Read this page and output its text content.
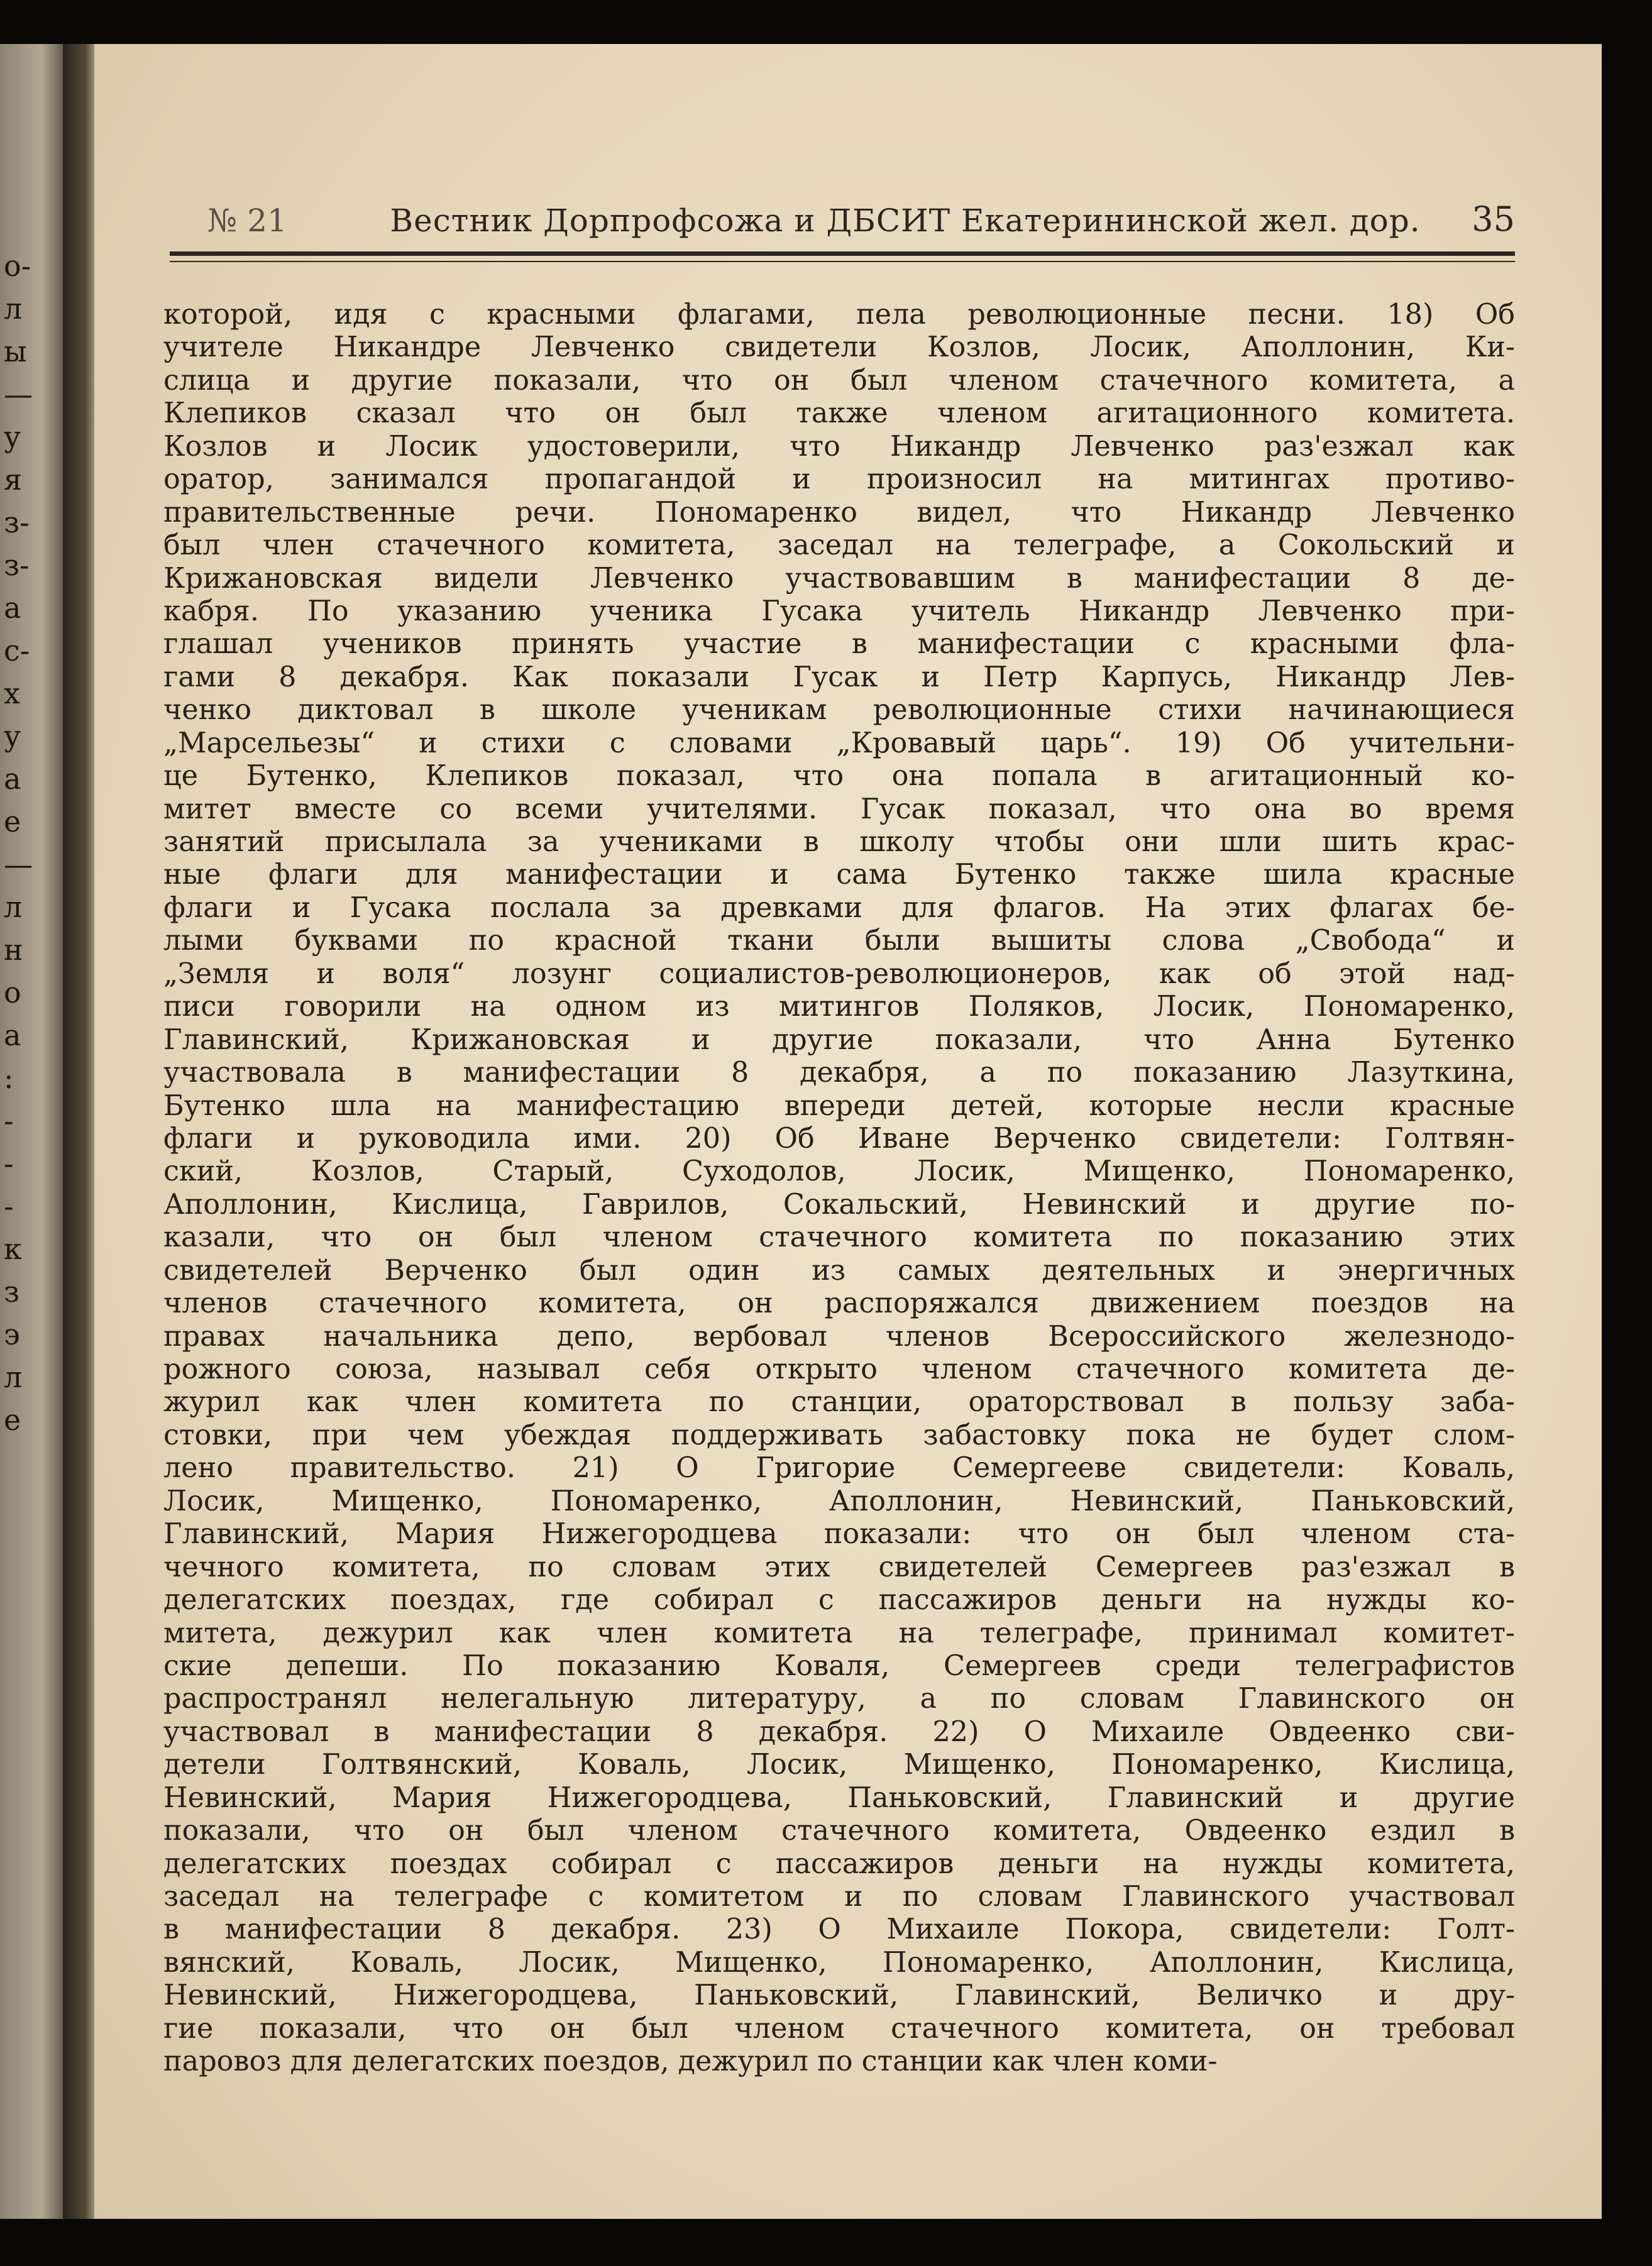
о-
л
ы
—
у
я
з-
з-
а
с-
х
у
а
е
—
л
н
о
а
:
-
-
-
к
з
э
л
е
№ 21	Вестник Дорпрофсожа и ДБСИТ Екатерининской жел. дор.	35
которой, идя с красными флагами, пела революционные песни. 18) Об
учителе Никандре Левченко свидетели Козлов, Лосик, Аполлонин, Ки-
слица и другие показали, что он был членом стачечного комитета, а
Клепиков сказал что он был также членом агитационного комитета.
Козлов и Лосик удостоверили, что Никандр Левченко раз'езжал как
оратор, занимался пропагандой и произносил на митингах противо-
правительственные речи. Пономаренко видел, что Никандр Левченко
был член стачечного комитета, заседал на телеграфе, а Сокольский и
Крижановская видели Левченко участвовавшим в манифестации 8 де-
кабря. По указанию ученика Гусака учитель Никандр Левченко при-
глашал учеников принять участие в манифестации с красными фла-
гами 8 декабря. Как показали Гусак и Петр Карпусь, Никандр Лев-
ченко диктовал в школе ученикам революционные стихи начинающиеся
„Марсельезы“ и стихи с словами „Кровавый царь“. 19) Об учительни-
це Бутенко, Клепиков показал, что она попала в агитационный ко-
митет вместе со всеми учителями. Гусак показал, что она во время
занятий присылала за учениками в школу чтобы они шли шить крас-
ные флаги для манифестации и сама Бутенко также шила красные
флаги и Гусака послала за древками для флагов. На этих флагах бе-
лыми буквами по красной ткани были вышиты слова „Свобода“ и
„Земля и воля“ лозунг социалистов-революционеров, как об этой над-
писи говорили на одном из митингов Поляков, Лосик, Пономаренко,
Главинский, Крижановская и другие показали, что Анна Бутенко
участвовала в манифестации 8 декабря, а по показанию Лазуткина,
Бутенко шла на манифестацию впереди детей, которые несли красные
флаги и руководила ими. 20) Об Иване Верченко свидетели: Голтвян-
ский, Козлов, Старый, Суходолов, Лосик, Мищенко, Пономаренко,
Аполлонин, Кислица, Гаврилов, Сокальский, Невинский и другие по-
казали, что он был членом стачечного комитета по показанию этих
свидетелей Верченко был один из самых деятельных и энергичных
членов стачечного комитета, он распоряжался движением поездов на
правах начальника депо, вербовал членов Всероссийского железнодо-
рожного союза, называл себя открыто членом стачечного комитета де-
журил как член комитета по станции, ораторствовал в пользу заба-
стовки, при чем убеждая поддерживать забастовку пока не будет слом-
лено правительство. 21) О Григорие Семергееве свидетели: Коваль,
Лосик, Мищенко, Пономаренко, Аполлонин, Невинский, Паньковский,
Главинский, Мария Нижегородцева показали: что он был членом ста-
чечного комитета, по словам этих свидетелей Семергеев раз'езжал в
делегатских поездах, где собирал с пассажиров деньги на нужды ко-
митета, дежурил как член комитета на телеграфе, принимал комитет-
ские депеши. По показанию Коваля, Семергеев среди телеграфистов
распространял нелегальную литературу, а по словам Главинского он
участвовал в манифестации 8 декабря. 22) О Михаиле Овдеенко сви-
детели Голтвянский, Коваль, Лосик, Мищенко, Пономаренко, Кислица,
Невинский, Мария Нижегородцева, Паньковский, Главинский и другие
показали, что он был членом стачечного комитета, Овдеенко ездил в
делегатских поездах собирал с пассажиров деньги на нужды комитета,
заседал на телеграфе с комитетом и по словам Главинского участвовал
в манифестации 8 декабря. 23) О Михаиле Покора, свидетели: Голт-
вянский, Коваль, Лосик, Мищенко, Пономаренко, Аполлонин, Кислица,
Невинский, Нижегородцева, Паньковский, Главинский, Величко и дру-
гие показали, что он был членом стачечного комитета, он требовал
паровоз для делегатских поездов, дежурил по станции как член коми-
